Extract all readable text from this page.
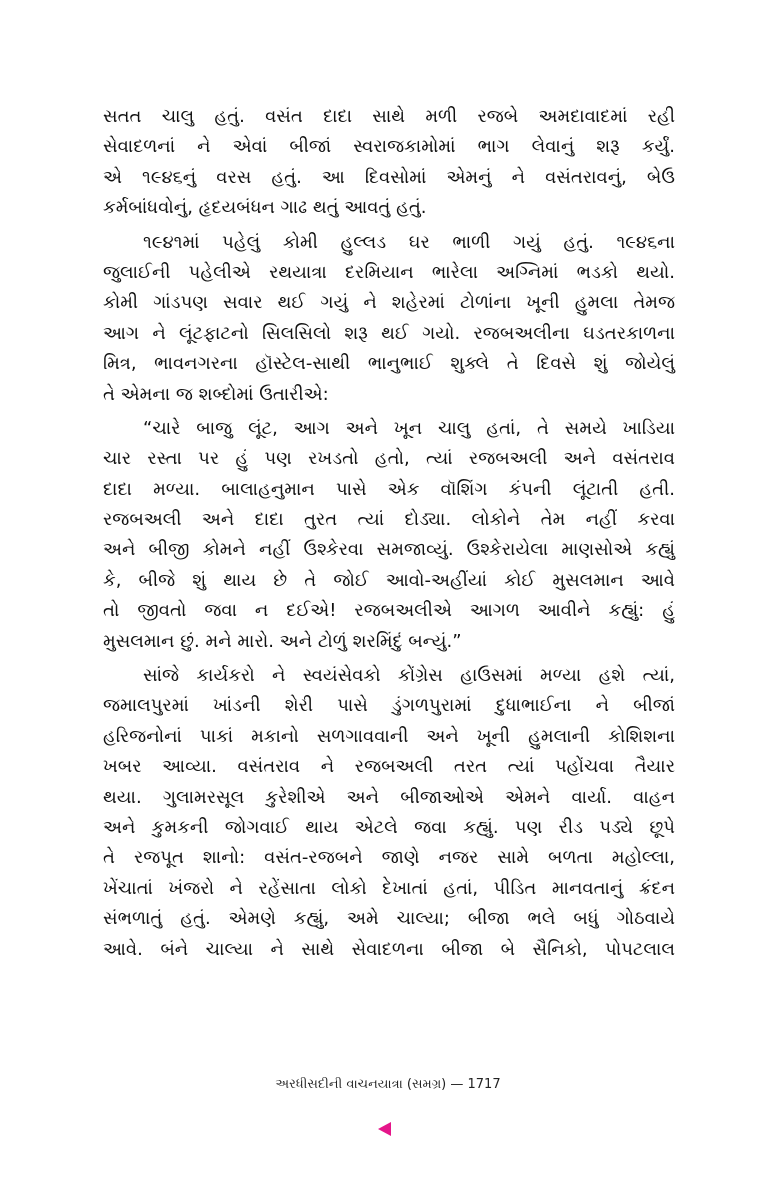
સતત ચાલુ હતું. વસંત દાદા સાથે મળી રજબે અમદાવાદમાં રહી
સેવાદળનાં ને એવાં બીજાં સ્વરાજકામોમાં ભાગ લેવાનું શરૂ કર્યું.
એ ૧૯૪૬નું વરસ હતું. આ દિવસોમાં એમનું ને વસંતરાવનું, બેઉ
કર્મબાંધવોનું, હૃદયબંધન ગાઢ થતું આવતું હતું.
૧૯૪૧માં પહેલું કોમી હુલ્લડ ઘર ભાળી ગયું હતું. ૧૯૪૬ના
જુલાઈની પહેલીએ રથયાત્રા દરમિયાન ભારેલા અગ્નિમાં ભડકો થયો.
કોમી ગાંડપણ સવાર થઈ ગયું ને શહેરમાં ટોળાંના ખૂની હુમલા તેમજ
આગ ને લૂંટફાટનો સિલસિલો શરૂ થઈ ગયો. રજબઅલીના ઘડતરકાળના
મિત્ર, ભાવનગરના હૉસ્ટેલ-સાથી ભાનુભાઈ શુક્લે તે દિવસે શું જોયેલું
તે એમના જ શબ્દોમાં ઉતારીએ:
“ચારે બાજુ લૂંટ, આગ અને ખૂન ચાલુ હતાં, તે સમયે ખાડિયા
ચાર રસ્તા પર હું પણ રખડતો હતો, ત્યાં રજબઅલી અને વસંતરાવ
દાદા મળ્યા. બાલાહનુમાન પાસે એક વૉશિંગ કંપની લૂંટાતી હતી.
રજબઅલી અને દાદા તુરત ત્યાં દોડ્યા. લોકોને તેમ નહીં કરવા
અને બીજી કોમને નહીં ઉશ્કેરવા સમજાવ્યું. ઉશ્કેરાયેલા માણસોએ કહ્યું
કે, બીજે શું થાય છે તે જોઈ આવો-અહીંયાં કોઈ મુસલમાન આવે
તો જીવતો જવા ન દઈએ! રજબઅલીએ આગળ આવીને કહ્યું: હું
મુસલમાન છું. મને મારો. અને ટોળું શરમિંદું બન્યું.”
સાંજે કાર્યકરો ને સ્વયંસેવકો કોંગ્રેસ હાઉસમાં મળ્યા હશે ત્યાં,
જમાલપુરમાં ખાંડની શેરી પાસે ડુંગળપુરામાં દુધાભાઈના ને બીજાં
હરિજનોનાં પાકાં મકાનો સળગાવવાની અને ખૂની હુમલાની કોશિશના
ખબર આવ્યા. વસંતરાવ ને રજબઅલી તરત ત્યાં પહોંચવા તૈયાર
થયા. ગુલામરસૂલ કુરેશીએ અને બીજાઓએ એમને વાર્યા. વાહન
અને કુમકની જોગવાઈ થાય એટલે જવા કહ્યું. પણ રીડ પડ્યે છૂપે
તે રજપૂત શાનો: વસંત-રજબને જાણે નજર સામે બળતા મહોલ્લા,
ખેંચાતાં ખંજરો ને રહેંસાતા લોકો દેખાતાં હતાં, પીડિત માનવતાનું ક્રંદન
સંભળાતું હતું. એમણે કહ્યું, અમે ચાલ્યા; બીજા ભલે બધું ગોઠવાયે
આવે. બંને ચાલ્યા ને સાથે સેવાદળના બીજા બે સૈનિકો, પોપટલાલ
અરધીસદીની વાચનયાત્રા (સમગ્ર) — 1717
